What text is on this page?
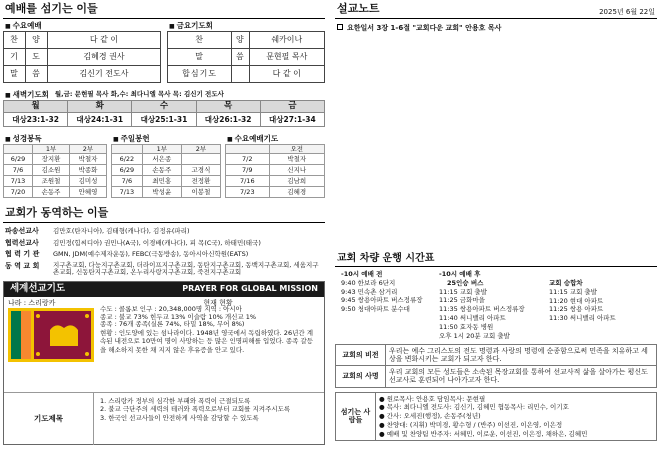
예배를 섬기는 이들
■ 수요예배
찬	양	다 같 이
기	도	김혜경 권사
말	씀	김신기 전도사
■ 금요기도회
찬	양	쉐카이나
말	씀	문현필 목사
합심기도		다 같 이
■ 새벽기도회 월,금: 문현필 목사 화,수: 최다니엘 목사 목: 김신기 전도사
월	화	수	목	금
대상23:1-32	대상24:1-31	대상25:1-31	대상26:1-32	대상27:1-34
■ 성경봉독
	1부	2부
6/29	장지환	박철자
7/6	김소원	박종화
7/13	조원철	김미성
7/20	손동주	안혜영
■ 주일봉헌
	1부	2부
6/22	서은종	
6/29	손동주	고경식
7/6	최민홍	전정환
7/13	박성윤	이봉철
■ 수요예배기도
	오전
7/2	박철자
7/9	신지나
7/16	김남희
7/23	김혜경
교회가 동역하는 이들
파송선교사 김만호(탄자니아), 김태형(캐나다), 김정유(파리)
협력선교사 김민정(힙씨디아) 권민나(A국), 이경배(캐나다), 피 목(C국), 하태민(태국)
협 력 기 관 GMN, JDM(예수제자운동), FEBC(극동방송), 동아시아신학원(EATS)
동 역 교 회	지구촌교회, 다능지구촌교회, 더라이프지구촌교회, 동탄지구촌교회, 동백지구촌교회, 세움지구촌교회, 신동탄지구촌교회, 온누리사랑지구촌교회, 죽전지구촌교회
세계선교기도	PRAYER FOR GLOBAL MISSION
나라 : 스리랑카	현재 현황
수도 : 콜롬보 인구 : 20,348,000명 지역 : 아시아
종교 : 불교 73% 힌두교 13% 이슬람 10% 개신교 1%
종족 : 76개 종족(실론 74%, 타밀 18%, 무어 8%)
현황 : 인도양에 있는 섬나라이다. 1948년 영국에서 독립하였다. 26년간 계속된 내전으로 10만여 명이 사망하는 등 많은 인명피해를 입었다. 종족 갈등을 해소하지 못한 채 지지 않은 후유증을 안고 있다.
기도제목
1. 스리랑카 정부의 심각한 부패와 폭력이 근절되도록
2. 불교 극단주의 세력의 테러와 폭력으로부터 교회를 지켜주시도록
3. 한국인 선교사들이 안전하게 사역을 감당할 수 있도록
설교노트	2025년 6월 22일
요한일서 3장 1-6절 "교회다운 교회" 안용호 목사
교회 차량 운행 시간표
-10시 예배 전
9:40 한보라 6단지
9:43 민속촌 삼거리
9:45 쌍용아파트 버스정류장
9:50 청대아파트 분수대
-10시 예배 후
25인승 버스
11:15 교회 출발
11:25 금화마을
11:35 쌍용아파트 버스정류장
11:40 써니밸리 아파트
11:50 효자동 병원
오후 1시 20분 교회 출발
교회 승합차
11:15 교회 출발
11:20 현대 아파트
11:25 쌍용 아파트
11:30 써니밸리 아파트
교회의 비전	우리는 예수 그리스도의 전도 명령과 사랑의 명령에 순종함으로써 민족을 치유하고 세상을 변화시키는 교회가 되고자 한다.
교회의 사명	우리 교회의 모든 성도들은 소속된 목장교회를 통하여 선교사적 삶을 살아가는 평신도 선교사로 훈련되어 나아가고자 한다.
섬기는 사람들	
● 원로목사: 안용호 담임목사: 문현필
● 목사: 최다니엘 전도사: 김신기, 김혜민 협동목사: 리민수, 이기호
● 간사: 오세진(행정), 손동주(청년)
● 찬양대: (지휘) 박미경, 황수형 / (반주) 이선진, 이은영, 이은정
● 예배 및 찬양팀 반주자: 서혜민, 이로운, 이선진, 이은정, 채하은, 김혜민
